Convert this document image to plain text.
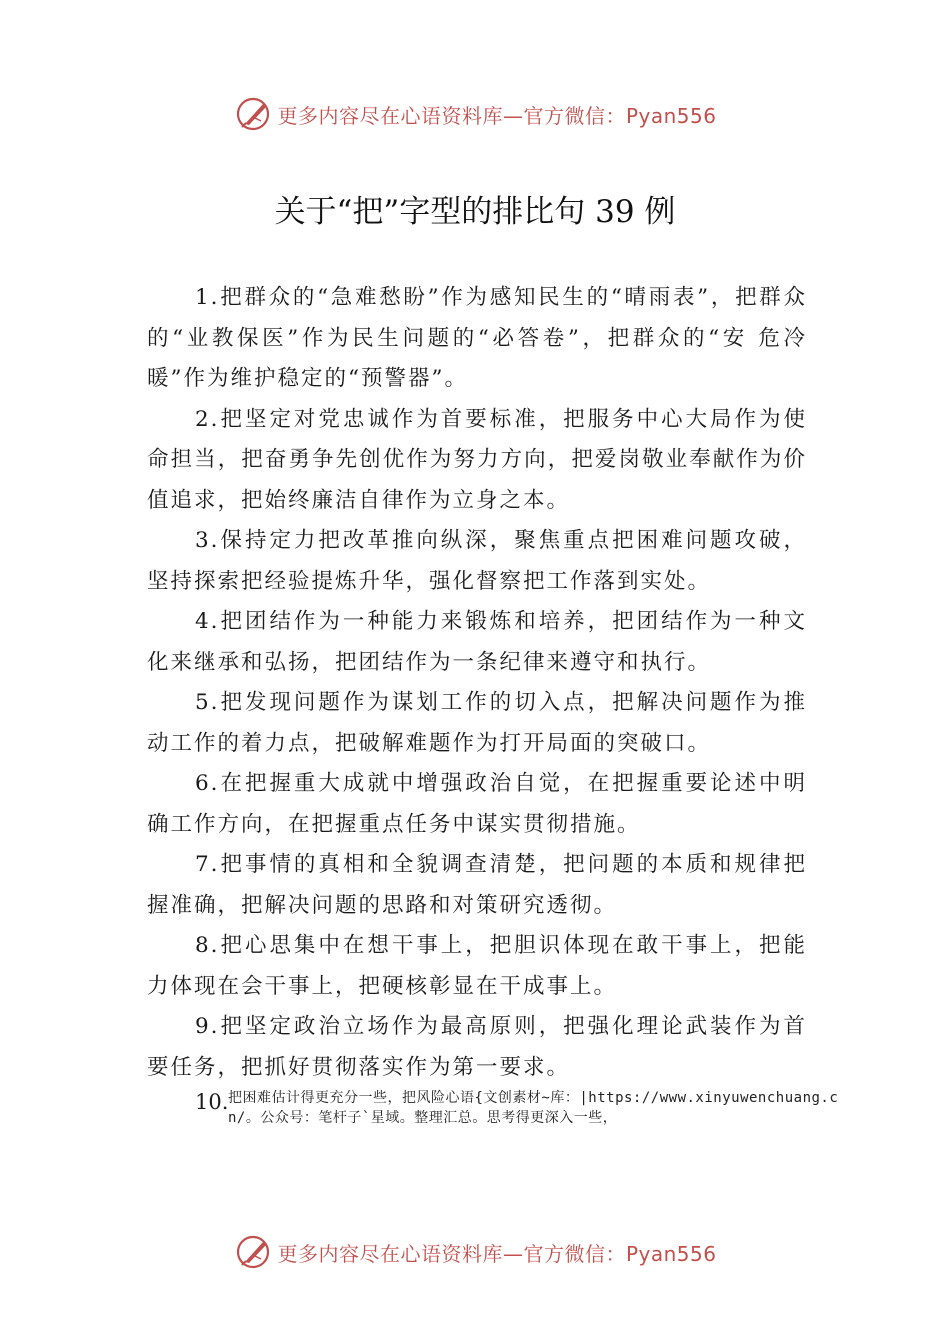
更多内容尽在心语资料库—官方微信：Pyan556
关于“把”字型的排比句 39 例

1.把群众的“急难愁盼”作为感知民生的“晴雨表”，把群众的“业教保医”作为民生问题的“必答卷”，把群众的“安 危冷暖”作为维护稳定的“预警器”。

2.把坚定对党忠诚作为首要标准，把服务中心大局作为使命担当，把奋勇争先创优作为努力方向，把爱岗敬业奉献作为价值追求，把始终廉洁自律作为立身之本。

3.保持定力把改革推向纵深，聚焦重点把困难问题攻破，坚持探索把经验提炼升华，强化督察把工作落到实处。

4.把团结作为一种能力来锻炼和培养，把团结作为一种文化来继承和弘扬，把团结作为一条纪律来遵守和执行。

5.把发现问题作为谋划工作的切入点，把解决问题作为推动工作的着力点，把破解难题作为打开局面的突破口。

6.在把握重大成就中增强政治自觉，在把握重要论述中明确工作方向，在把握重点任务中谋实贯彻措施。

7.把事情的真相和全貌调查清楚，把问题的本质和规律把握准确，把解决问题的思路和对策研究透彻。

8.把心思集中在想干事上，把胆识体现在敢干事上，把能力体现在会干事上，把硬核彰显在干成事上。

9.把坚定政治立场作为最高原则，把强化理论武装作为首要任务，把抓好贯彻落实作为第一要求。

10. 把困难估计得更充分一些，把风险心语{文创素材~库：|https://www.xinyuwenchuang.cn/。公众号：笔杆子`星域。整理汇总。思考得更深入一些，
更多内容尽在心语资料库—官方微信：Pyan556
